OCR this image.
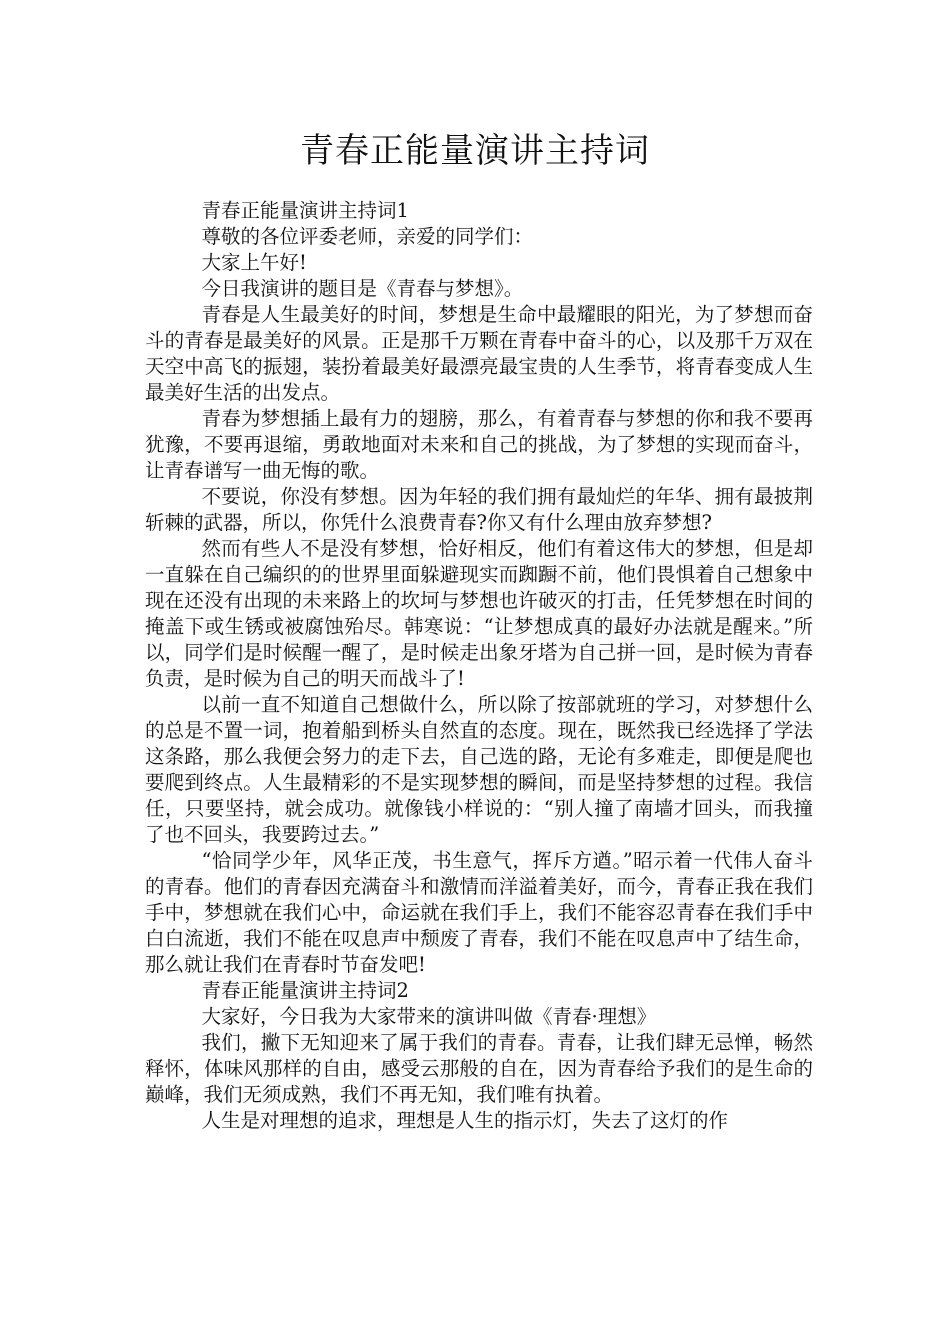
青春正能量演讲主持词

青春正能量演讲主持词1

尊敬的各位评委老师，亲爱的同学们：

大家上午好!

今日我演讲的题目是《青春与梦想》。

青春是人生最美好的时间，梦想是生命中最耀眼的阳光，为了梦想而奋斗的青春是最美好的风景。正是那千万颗在青春中奋斗的心，以及那千万双在天空中高飞的振翅，装扮着最美好最漂亮最宝贵的人生季节，将青春变成人生最美好生活的出发点。

青春为梦想插上最有力的翅膀，那么，有着青春与梦想的你和我不要再犹豫，不要再退缩，勇敢地面对未来和自己的挑战，为了梦想的实现而奋斗，让青春谱写一曲无悔的歌。

不要说，你没有梦想。因为年轻的我们拥有最灿烂的年华、拥有最披荆斩棘的武器，所以，你凭什么浪费青春?你又有什么理由放弃梦想?

然而有些人不是没有梦想，恰好相反，他们有着这伟大的梦想，但是却一直躲在自己编织的的世界里面躲避现实而踟蹰不前，他们畏惧着自己想象中现在还没有出现的未来路上的坎坷与梦想也许破灭的打击，任凭梦想在时间的掩盖下或生锈或被腐蚀殆尽。韩寒说：“让梦想成真的最好办法就是醒来。”所以，同学们是时候醒一醒了，是时候走出象牙塔为自己拼一回，是时候为青春负责，是时候为自己的明天而战斗了!

以前一直不知道自己想做什么，所以除了按部就班的学习，对梦想什么的总是不置一词，抱着船到桥头自然直的态度。现在，既然我已经选择了学法这条路，那么我便会努力的走下去，自己选的路，无论有多难走，即便是爬也要爬到终点。人生最精彩的不是实现梦想的瞬间，而是坚持梦想的过程。我信任，只要坚持，就会成功。就像钱小样说的：“别人撞了南墙才回头，而我撞了也不回头，我要跨过去。”

“恰同学少年，风华正茂，书生意气，挥斥方遒。”昭示着一代伟人奋斗的青春。他们的青春因充满奋斗和激情而洋溢着美好，而今，青春正我在我们手中，梦想就在我们心中，命运就在我们手上，我们不能容忍青春在我们手中白白流逝，我们不能在叹息声中颓废了青春，我们不能在叹息声中了结生命，那么就让我们在青春时节奋发吧!

青春正能量演讲主持词2

大家好，今日我为大家带来的演讲叫做《青春·理想》

我们，撇下无知迎来了属于我们的青春。青春，让我们肆无忌惮，畅然释怀，体味风那样的自由，感受云那般的自在，因为青春给予我们的是生命的巅峰，我们无须成熟，我们不再无知，我们唯有执着。

人生是对理想的追求，理想是人生的指示灯，失去了这灯的作
